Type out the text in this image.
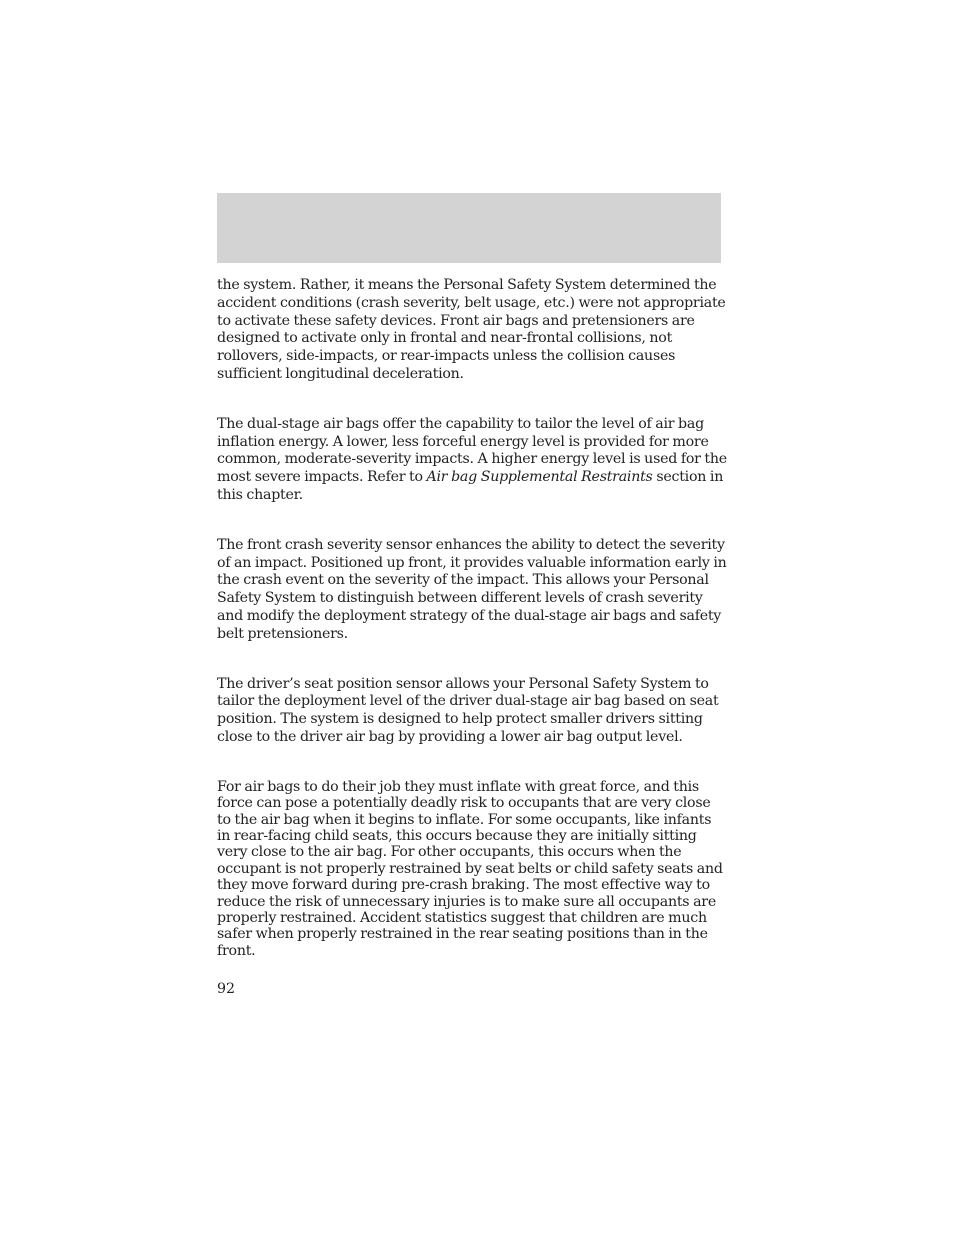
the system. Rather, it means the Personal Safety System determined the accident conditions (crash severity, belt usage, etc.) were not appropriate to activate these safety devices. Front air bags and pretensioners are designed to activate only in frontal and near-frontal collisions, not rollovers, side-impacts, or rear-impacts unless the collision causes sufficient longitudinal deceleration.

The dual-stage air bags offer the capability to tailor the level of air bag inflation energy. A lower, less forceful energy level is provided for more common, moderate-severity impacts. A higher energy level is used for the most severe impacts. Refer to Air bag Supplemental Restraints section in this chapter.

The front crash severity sensor enhances the ability to detect the severity of an impact. Positioned up front, it provides valuable information early in the crash event on the severity of the impact. This allows your Personal Safety System to distinguish between different levels of crash severity and modify the deployment strategy of the dual-stage air bags and safety belt pretensioners.

The driver’s seat position sensor allows your Personal Safety System to tailor the deployment level of the driver dual-stage air bag based on seat position. The system is designed to help protect smaller drivers sitting close to the driver air bag by providing a lower air bag output level.

For air bags to do their job they must inflate with great force, and this force can pose a potentially deadly risk to occupants that are very close to the air bag when it begins to inflate. For some occupants, like infants in rear-facing child seats, this occurs because they are initially sitting very close to the air bag. For other occupants, this occurs when the occupant is not properly restrained by seat belts or child safety seats and they move forward during pre-crash braking. The most effective way to reduce the risk of unnecessary injuries is to make sure all occupants are properly restrained. Accident statistics suggest that children are much safer when properly restrained in the rear seating positions than in the front.

92
